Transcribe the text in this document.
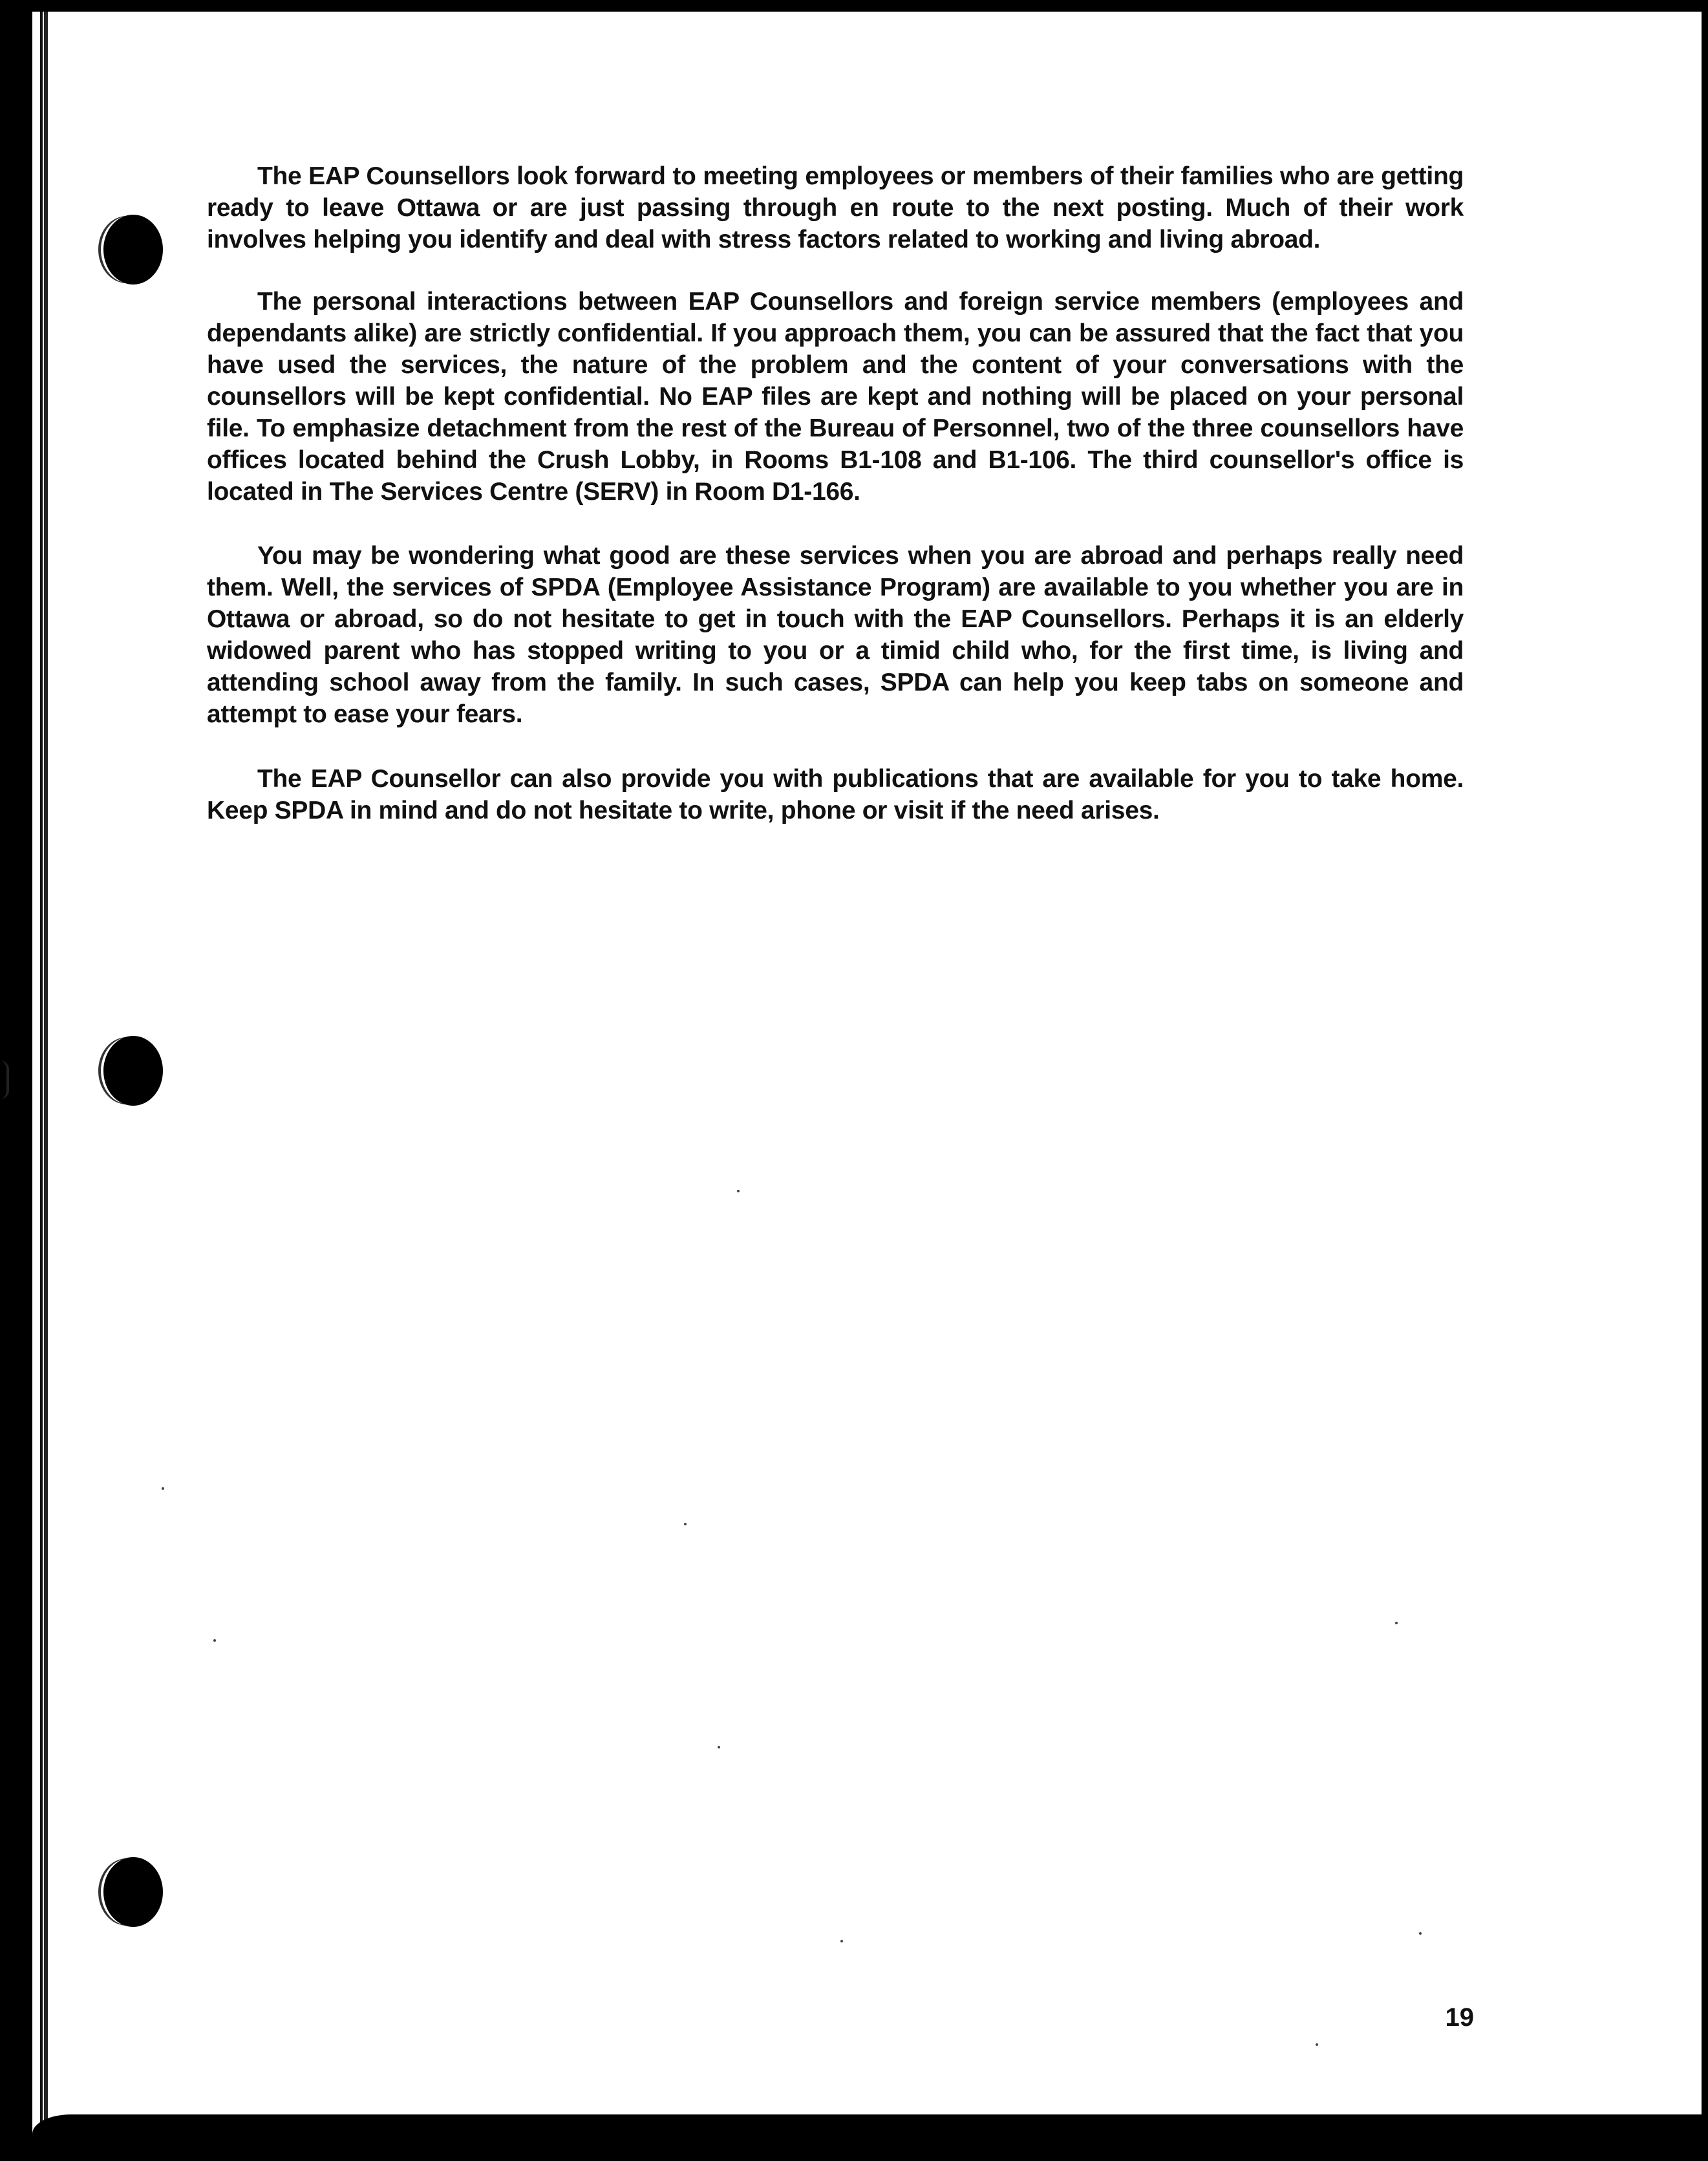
The EAP Counsellors look forward to meeting employees or members of their families who are getting ready to leave Ottawa or are just passing through en route to the next posting. Much of their work involves helping you identify and deal with stress factors related to working and living abroad.

The personal interactions between EAP Counsellors and foreign service members (employees and dependants alike) are strictly confidential. If you approach them, you can be assured that the fact that you have used the services, the nature of the problem and the content of your conversations with the counsellors will be kept confidential. No EAP files are kept and nothing will be placed on your personal file. To emphasize detachment from the rest of the Bureau of Personnel, two of the three counsellors have offices located behind the Crush Lobby, in Rooms B1-108 and B1-106. The third counsellor's office is located in The Services Centre (SERV) in Room D1-166.

You may be wondering what good are these services when you are abroad and perhaps really need them. Well, the services of SPDA (Employee Assistance Program) are available to you whether you are in Ottawa or abroad, so do not hesitate to get in touch with the EAP Counsellors. Perhaps it is an elderly widowed parent who has stopped writing to you or a timid child who, for the first time, is living and attending school away from the family. In such cases, SPDA can help you keep tabs on someone and attempt to ease your fears.

The EAP Counsellor can also provide you with publications that are available for you to take home. Keep SPDA in mind and do not hesitate to write, phone or visit if the need arises.

19
